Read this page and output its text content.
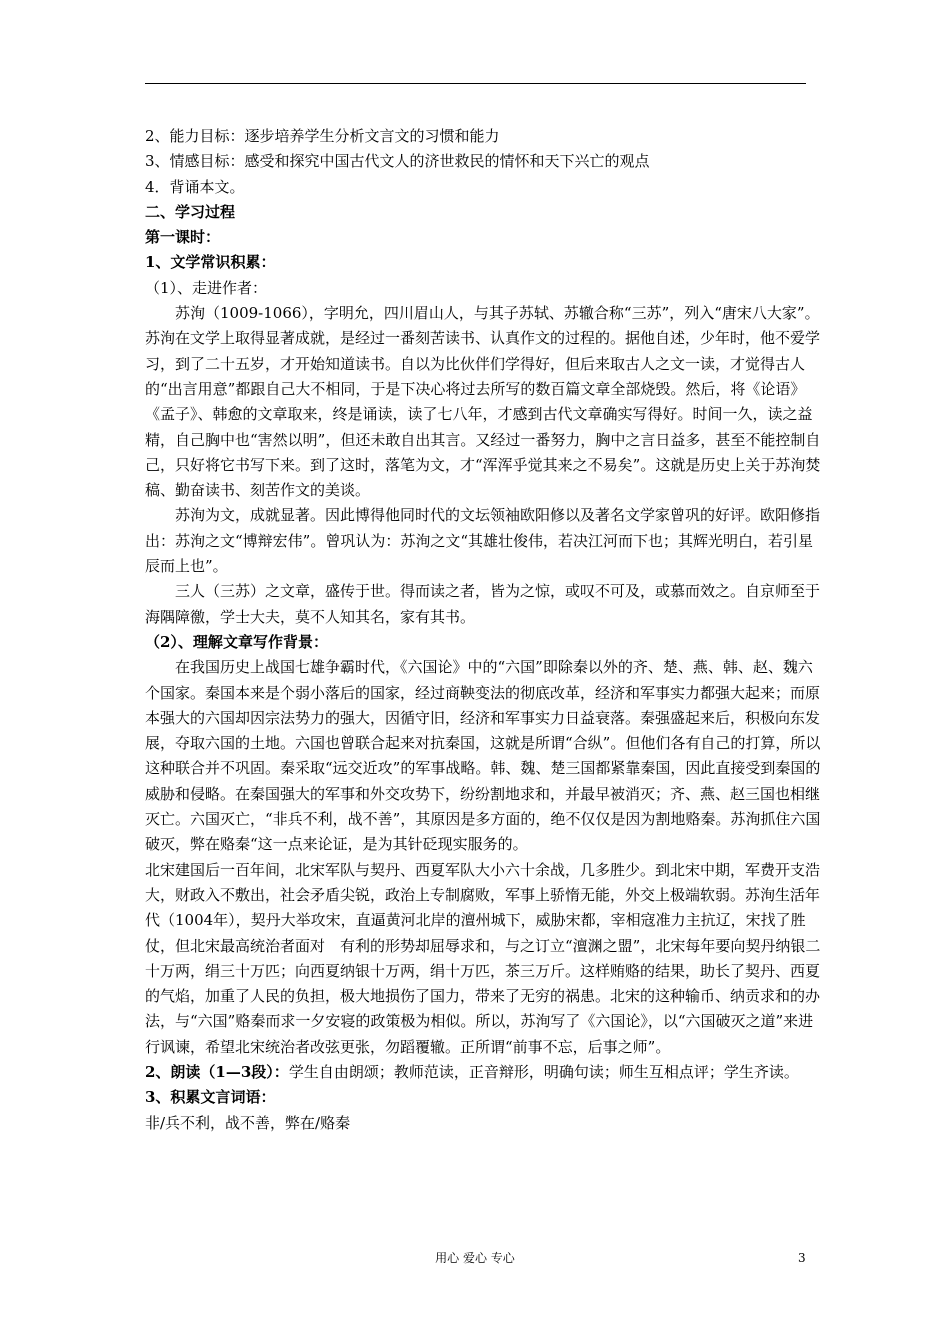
2、能力目标：逐步培养学生分析文言文的习惯和能力

3、情感目标：感受和探究中国古代文人的济世救民的情怀和天下兴亡的观点

4．背诵本文。

二、学习过程

第一课时：

1、文学常识积累：

（1）、走进作者：

苏洵（1009-1066），字明允，四川眉山人，与其子苏轼、苏辙合称“三苏”，列入“唐宋八大家”。

苏洵在文学上取得显著成就，是经过一番刻苦读书、认真作文的过程的。据他自述，少年时，他不爱学习，到了二十五岁，才开始知道读书。自以为比伙伴们学得好，但后来取古人之文一读，才觉得古人的“出言用意”都跟自己大不相同，于是下决心将过去所写的数百篇文章全部烧毁。然后，将《论语》《孟子》、韩愈的文章取来，终是诵读，读了七八年，才感到古代文章确实写得好。时间一久，读之益精，自己胸中也“害然以明”，但还未敢自出其言。又经过一番努力，胸中之言日益多，甚至不能控制自己，只好将它书写下来。到了这时，落笔为文，才“浑浑乎觉其来之不易矣”。这就是历史上关于苏洵焚稿、勤奋读书、刻苦作文的美谈。

苏洵为文，成就显著。因此博得他同时代的文坛领袖欧阳修以及著名文学家曾巩的好评。欧阳修指出：苏洵之文“博辩宏伟”。曾巩认为：苏洵之文“其雄壮俊伟，若决江河而下也；其辉光明白，若引星辰而上也”。

三人（三苏）之文章，盛传于世。得而读之者，皆为之惊，或叹不可及，或慕而效之。自京师至于海隅障徼，学士大夫，莫不人知其名，家有其书。

（2）、理解文章写作背景：

在我国历史上战国七雄争霸时代，《六国论》中的“六国”即除秦以外的齐、楚、燕、韩、赵、魏六个国家。秦国本来是个弱小落后的国家，经过商鞅变法的彻底改革，经济和军事实力都强大起来；而原本强大的六国却因宗法势力的强大，因循守旧，经济和军事实力日益衰落。秦强盛起来后，积极向东发展，夺取六国的土地。六国也曾联合起来对抗秦国，这就是所谓“合纵”。但他们各有自己的打算，所以这种联合并不巩固。秦采取“远交近攻”的军事战略。韩、魏、楚三国都紧靠秦国，因此直接受到秦国的威胁和侵略。在秦国强大的军事和外交攻势下，纷纷割地求和，并最早被消灭；齐、燕、赵三国也相继灭亡。六国灭亡，“非兵不利，战不善”，其原因是多方面的，绝不仅仅是因为割地赂秦。苏洵抓住六国破灭，弊在赂秦“这一点来论证，是为其针砭现实服务的。

北宋建国后一百年间，北宋军队与契丹、西夏军队大小六十余战，几多胜少。到北宋中期，军费开支浩大，财政入不敷出，社会矛盾尖锐，政治上专制腐败，军事上骄惰无能，外交上极端软弱。苏洵生活年代（1004年），契丹大举攻宋，直逼黄河北岸的澶州城下，威胁宋都，宰相寇准力主抗辽，宋找了胜仗，但北宋最高统治者面对　有利的形势却屈辱求和，与之订立“澶渊之盟”，北宋每年要向契丹纳银二十万两，绢三十万匹；向西夏纳银十万两，绢十万匹，茶三万斤。这样贿赂的结果，助长了契丹、西夏的气焰，加重了人民的负担，极大地损伤了国力，带来了无穷的祸患。北宋的这种输币、纳贡求和的办法，与“六国”赂秦而求一夕安寝的政策极为相似。所以，苏洵写了《六国论》，以“六国破灭之道”来进行讽谏，希望北宋统治者改弦更张，勿蹈覆辙。正所谓“前事不忘，后事之师”。

2、朗读（1—3段）：学生自由朗颂；教师范读，正音辩形，明确句读；师生互相点评；学生齐读。

3、积累文言词语：

非/兵不利，战不善，弊在/赂秦

用心 爱心 专心	3
